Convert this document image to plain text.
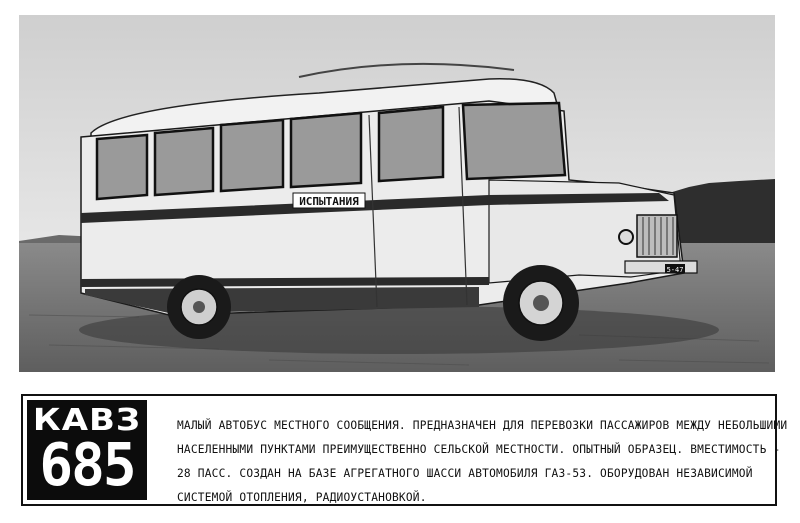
ИСПЫТАНИЯ
5-47
КАВЗ
685

МАЛЫЙ АВТОБУС МЕСТНОГО СООБЩЕНИЯ. ПРЕДНАЗНАЧЕН ДЛЯ ПЕРЕВОЗКИ ПАССАЖИРОВ МЕЖДУ НЕБОЛЬШИМИ
НАСЕЛЕННЫМИ ПУНКТАМИ ПРЕИМУЩЕСТВЕННО СЕЛЬСКОЙ МЕСТНОСТИ. ОПЫТНЫЙ ОБРАЗЕЦ. ВМЕСТИМОСТЬ -
28 ПАСС. СОЗДАН НА БАЗЕ АГРЕГАТНОГО ШАССИ АВТОМОБИЛЯ ГАЗ-53. ОБОРУДОВАН НЕЗАВИСИМОЙ
СИСТЕМОЙ ОТОПЛЕНИЯ, РАДИОУСТАНОВКОЙ.
